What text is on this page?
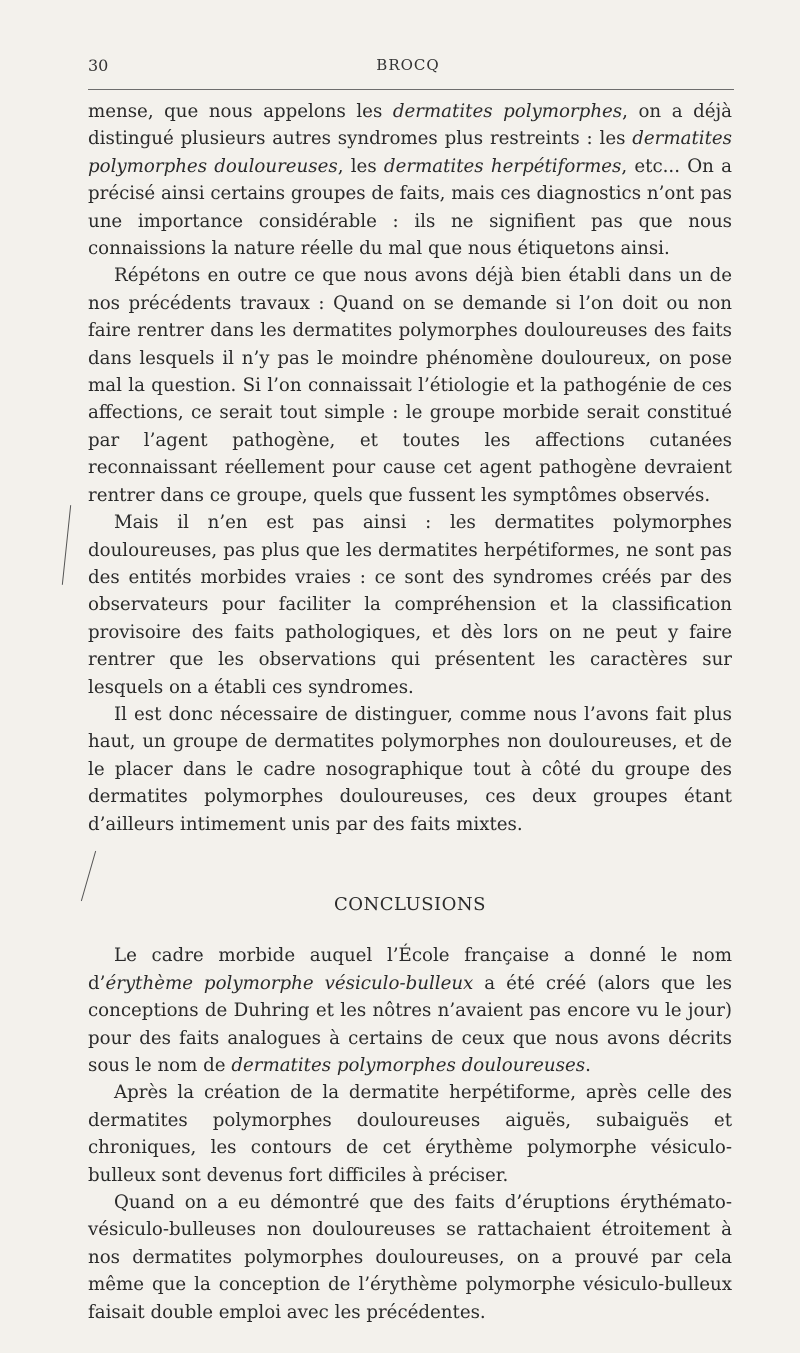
30	BROCQ

mense, que nous appelons les dermatites polymorphes, on a déjà distingué plusieurs autres syndromes plus restreints : les dermatites polymorphes douloureuses, les dermatites herpétiformes, etc... On a précisé ainsi certains groupes de faits, mais ces diagnostics n’ont pas une importance considérable : ils ne signifient pas que nous connaissions la nature réelle du mal que nous étiquetons ainsi.

Répétons en outre ce que nous avons déjà bien établi dans un de nos précédents travaux : Quand on se demande si l’on doit ou non faire rentrer dans les dermatites polymorphes douloureuses des faits dans lesquels il n’y pas le moindre phénomène douloureux, on pose mal la question. Si l’on connaissait l’étiologie et la pathogénie de ces affections, ce serait tout simple : le groupe morbide serait constitué par l’agent pathogène, et toutes les affections cutanées reconnaissant réellement pour cause cet agent pathogène devraient rentrer dans ce groupe, quels que fussent les symptômes observés.

Mais il n’en est pas ainsi : les dermatites polymorphes douloureuses, pas plus que les dermatites herpétiformes, ne sont pas des entités morbides vraies : ce sont des syndromes créés par des observateurs pour faciliter la compréhension et la classification provisoire des faits pathologiques, et dès lors on ne peut y faire rentrer que les observations qui présentent les caractères sur lesquels on a établi ces syndromes.

Il est donc nécessaire de distinguer, comme nous l’avons fait plus haut, un groupe de dermatites polymorphes non douloureuses, et de le placer dans le cadre nosographique tout à côté du groupe des dermatites polymorphes douloureuses, ces deux groupes étant d’ailleurs intimement unis par des faits mixtes.

CONCLUSIONS

Le cadre morbide auquel l’École française a donné le nom d’érythème polymorphe vésiculo-bulleux a été créé (alors que les conceptions de Duhring et les nôtres n’avaient pas encore vu le jour) pour des faits analogues à certains de ceux que nous avons décrits sous le nom de dermatites polymorphes douloureuses.

Après la création de la dermatite herpétiforme, après celle des dermatites polymorphes douloureuses aiguës, subaiguës et chroniques, les contours de cet érythème polymorphe vésiculo-bulleux sont devenus fort difficiles à préciser.

Quand on a eu démontré que des faits d’éruptions érythémato-vésiculo-bulleuses non douloureuses se rattachaient étroitement à nos dermatites polymorphes douloureuses, on a prouvé par cela même que la conception de l’érythème polymorphe vésiculo-bulleux faisait double emploi avec les précédentes.
